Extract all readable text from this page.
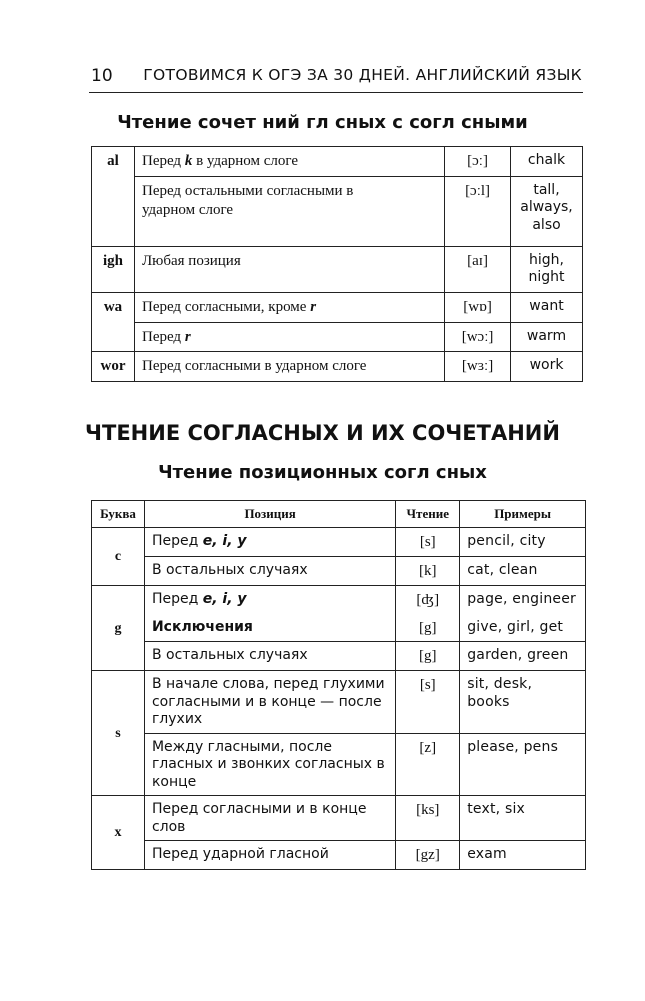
10 ГОТОВИМСЯ К ОГЭ ЗА 30 ДНЕЙ. АНГЛИЙСКИЙ ЯЗЫК
Чтение сочет ний гл сных с согл сными
al	Перед k в ударном слоге	[ɔː]	chalk
	Перед остальными согласными в ударном слоге	[ɔːl]	tall, always, also
igh	Любая позиция	[aɪ]	high, night
wa	Перед согласными, кроме r	[wɒ]	want
	Перед r	[wɔː]	warm
wor	Перед согласными в ударном слоге	[wɜː]	work
ЧТЕНИЕ СОГЛАСНЫХ И ИХ СОЧЕТАНИЙ
Чтение позиционных согл сных
Буква	Позиция	Чтение	Примеры
c	Перед e, i, y	[s]	pencil, city
	В остальных случаях	[k]	cat, clean
g	Перед e, i, y	[ʤ]	page, engineer
	Исключения	[g]	give, girl, get
	В остальных случаях	[g]	garden, green
s	В начале слова, перед глухими согласными и в конце — после глухих	[s]	sit, desk, books
	Между гласными, после гласных и звонких согласных в конце	[z]	please, pens
x	Перед согласными и в конце слов	[ks]	text, six
	Перед ударной гласной	[gz]	exam
